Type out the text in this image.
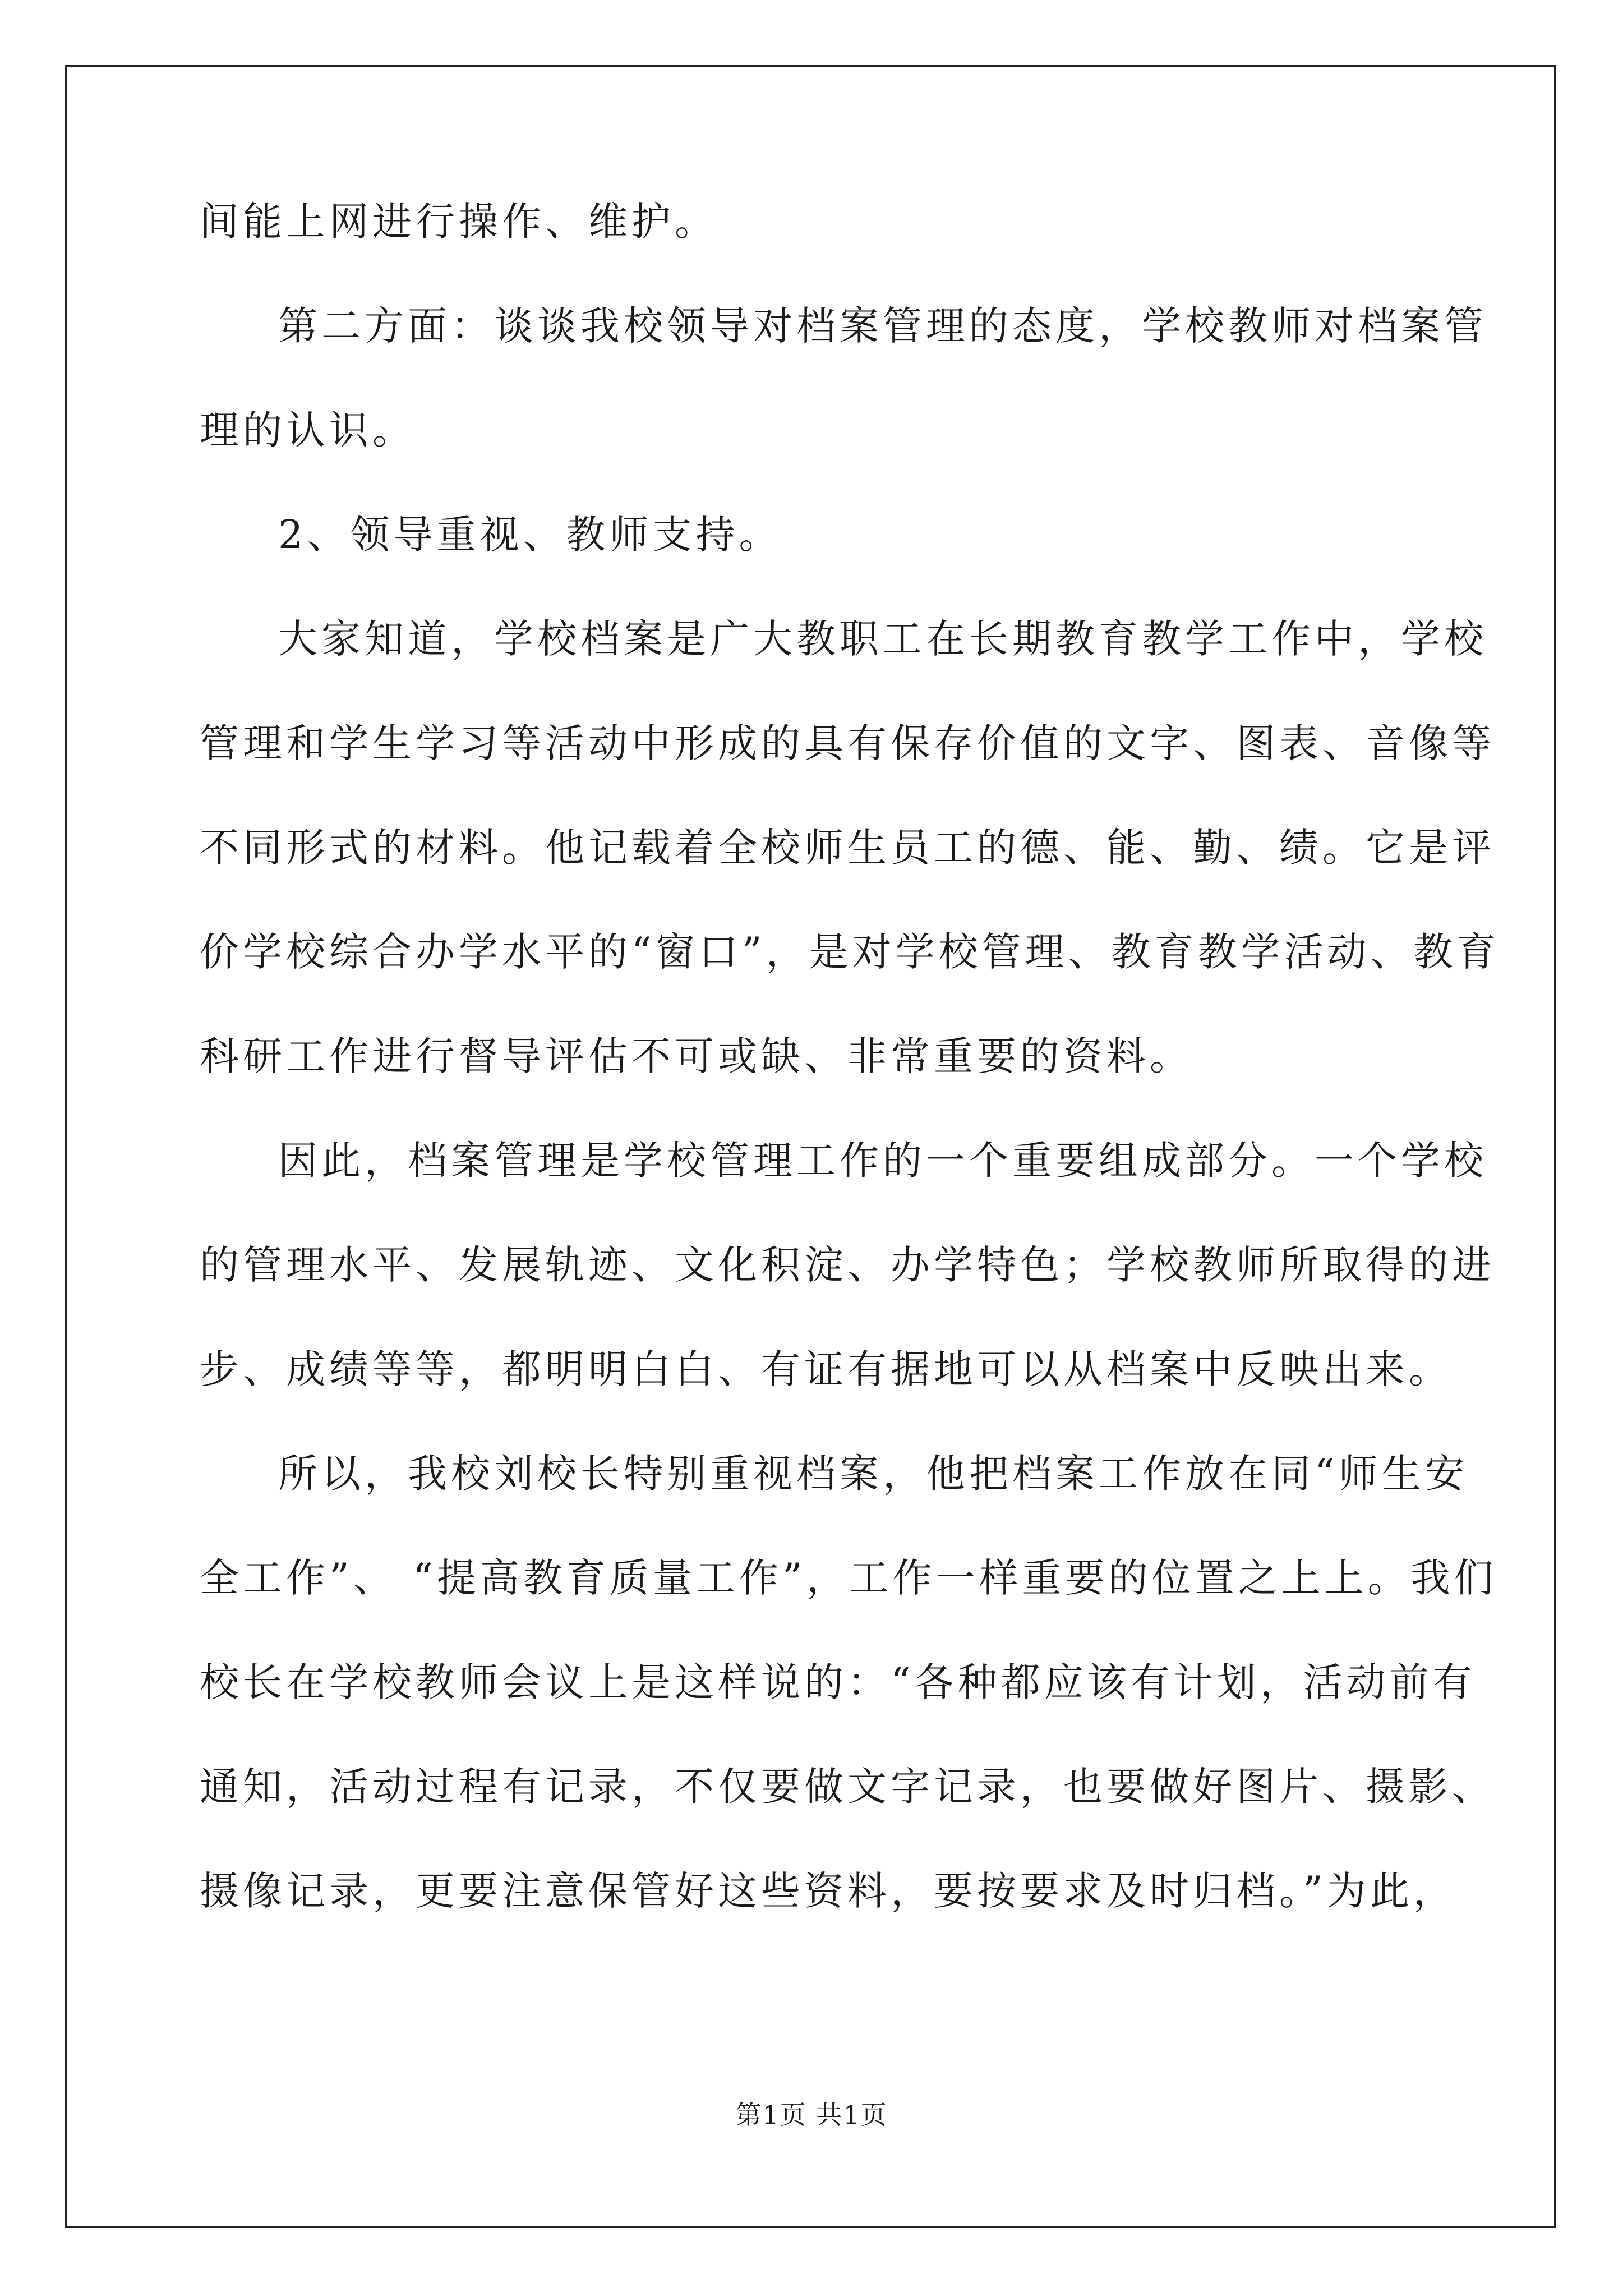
间能上网进行操作、维护。
第二方面：谈谈我校领导对档案管理的态度，学校教师对档案管
理的认识。
2、领导重视、教师支持。
大家知道，学校档案是广大教职工在长期教育教学工作中，学校
管理和学生学习等活动中形成的具有保存价值的文字、图表、音像等
不同形式的材料。他记载着全校师生员工的德、能、勤、绩。它是评
价学校综合办学水平的“窗口”，是对学校管理、教育教学活动、教育
科研工作进行督导评估不可或缺、非常重要的资料。
因此，档案管理是学校管理工作的一个重要组成部分。一个学校
的管理水平、发展轨迹、文化积淀、办学特色；学校教师所取得的进
步、成绩等等，都明明白白、有证有据地可以从档案中反映出来。
所以，我校刘校长特别重视档案，他把档案工作放在同“师生安
全工作”、 “提高教育质量工作”，工作一样重要的位置之上上。我们
校长在学校教师会议上是这样说的：“各种都应该有计划，活动前有
通知，活动过程有记录，不仅要做文字记录，也要做好图片、摄影、
摄像记录，更要注意保管好这些资料，要按要求及时归档。”为此，
第1页 共1页
